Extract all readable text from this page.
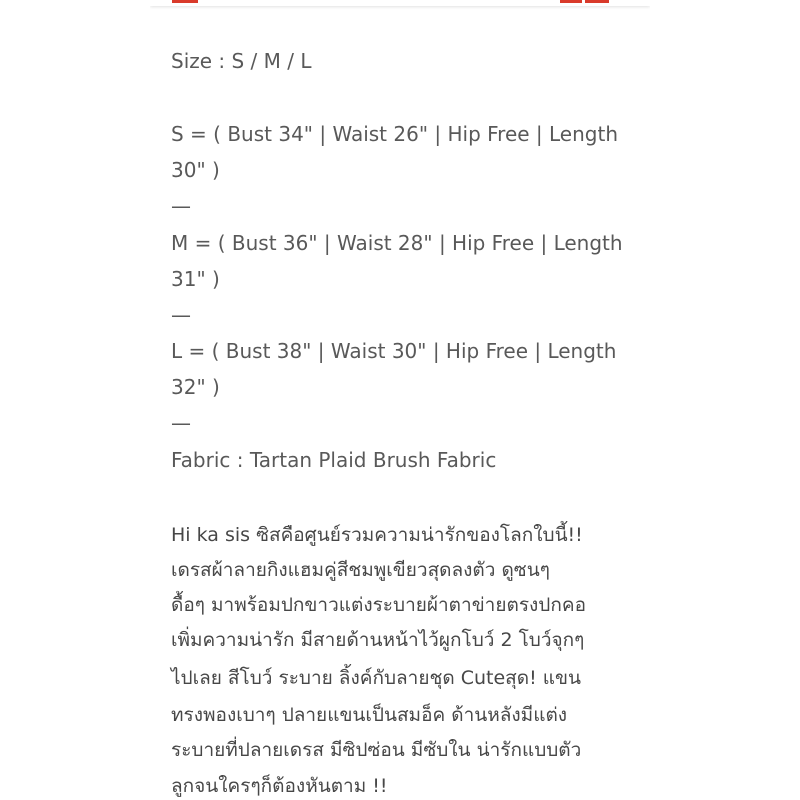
Size : S / M / L

S = ( Bust 34" | Waist 26" | Hip Free | Length

30" )

—

M = ( Bust 36" | Waist 28" | Hip Free | Length

31" )

—

L = ( Bust 38" | Waist 30" | Hip Free | Length

32" )

—

Fabric : Tartan Plaid Brush Fabric

Hi ka sis ซิสคือศูนย์รวมความน่ารักของโลกใบนี้!!

เดรสผ้าลายกิงแฮมคู่สีชมพูเขียวสุดลงตัว ดูซนๆ

ดื้อๆ มาพร้อมปกขาวแต่งระบายผ้าตาข่ายตรงปกคอ

เพิ่มความน่ารัก มีสายด้านหน้าไว้ผูกโบว์ 2 โบว์จุกๆ

ไปเลย สีโบว์ ระบาย ลิ้งค์กับลายชุด Cuteสุด! แขน

ทรงพองเบาๆ ปลายแขนเป็นสมอ็ค ด้านหลังมีแต่ง

ระบายที่ปลายเดรส มีซิปซ่อน มีซับใน น่ารักแบบตัว

ลูกจนใครๆก็ต้องหันตาม !!
